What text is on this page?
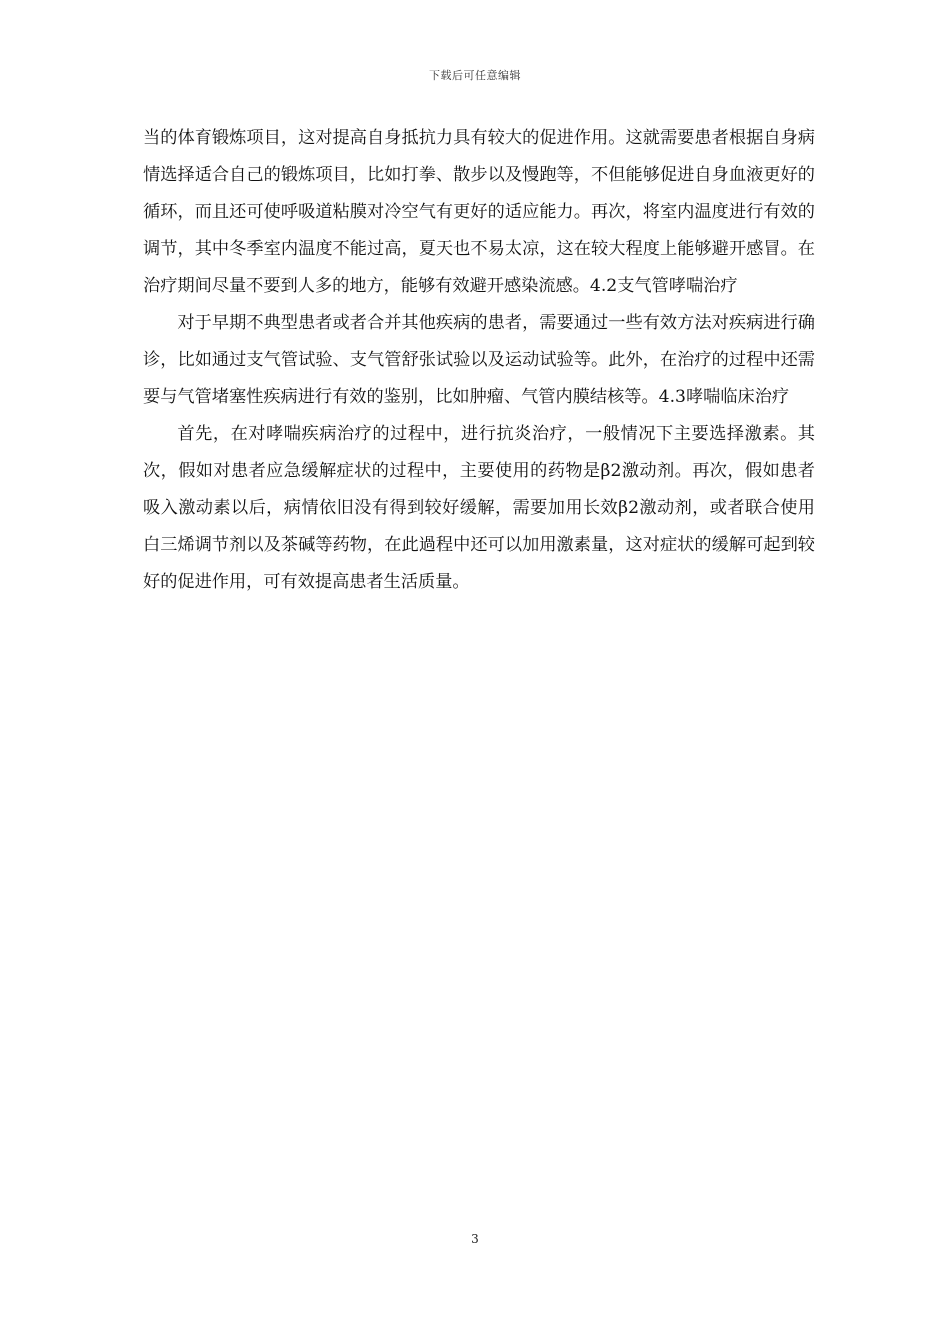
下载后可任意编辑

当的体育锻炼项目，这对提高自身抵抗力具有较大的促进作用。这就需要患者根据自身病情选择适合自己的锻炼项目，比如打拳、散步以及慢跑等，不但能够促进自身血液更好的循环，而且还可使呼吸道粘膜对冷空气有更好的适应能力。再次，将室内温度进行有效的调节，其中冬季室内温度不能过高，夏天也不易太凉，这在较大程度上能够避开感冒。在治疗期间尽量不要到人多的地方，能够有效避开感染流感。4.2支气管哮喘治疗

对于早期不典型患者或者合并其他疾病的患者，需要通过一些有效方法对疾病进行确诊，比如通过支气管试验、支气管舒张试验以及运动试验等。此外，在治疗的过程中还需要与气管堵塞性疾病进行有效的鉴别，比如肿瘤、气管内膜结核等。4.3哮喘临床治疗

首先，在对哮喘疾病治疗的过程中，进行抗炎治疗，一般情况下主要选择激素。其次，假如对患者应急缓解症状的过程中，主要使用的药物是β2激动剂。再次，假如患者吸入激动素以后，病情依旧没有得到较好缓解，需要加用长效β2激动剂，或者联合使用白三烯调节剂以及茶碱等药物，在此過程中还可以加用激素量，这对症状的缓解可起到较好的促进作用，可有效提高患者生活质量。

3
